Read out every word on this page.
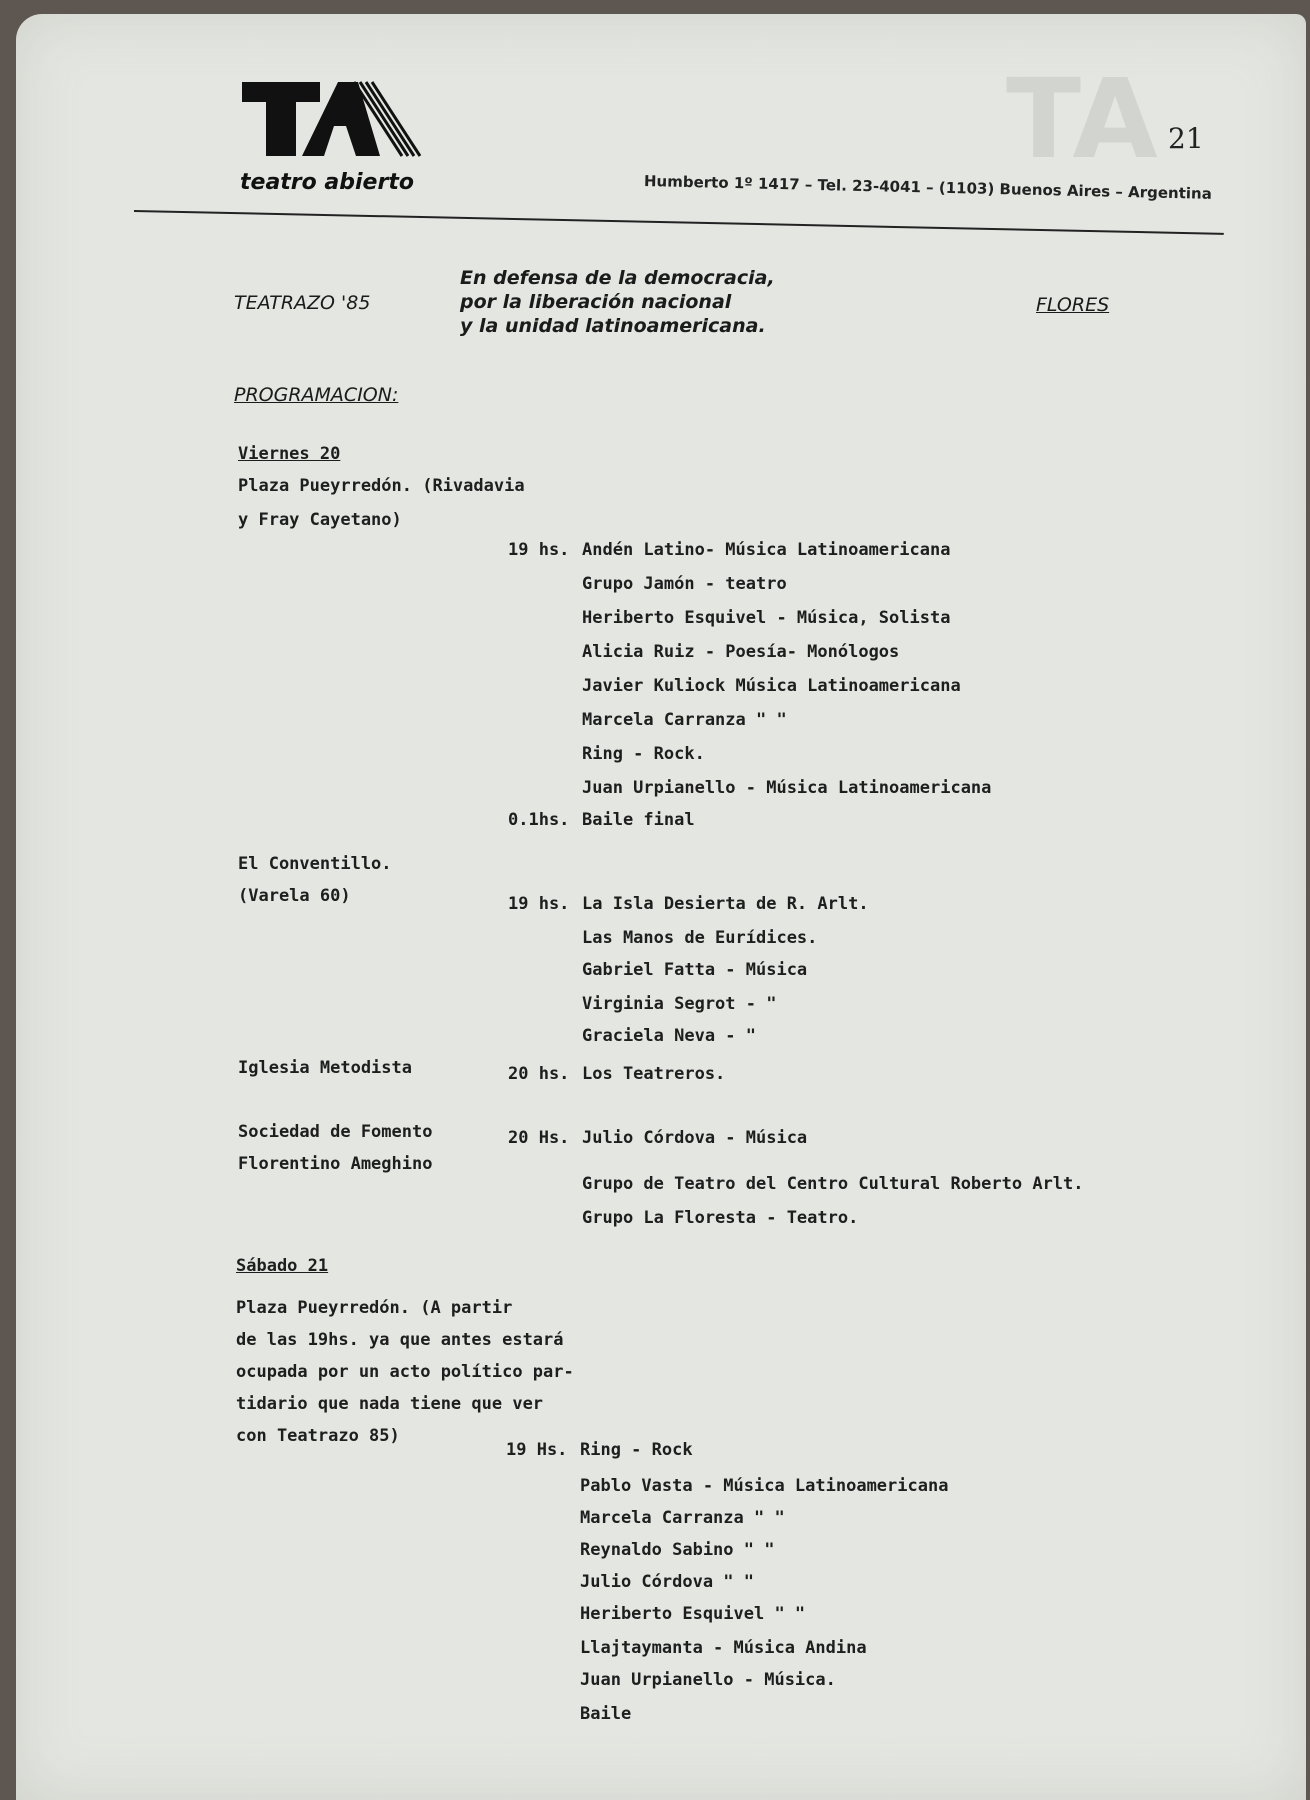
TA
teatro abierto
21
Humberto 1º 1417 – Tel. 23-4041 – (1103) Buenos Aires – Argentina
TEATRAZO '85
En defensa de la democracia,
por la liberación nacional
y la unidad latinoamericana.
FLORES
PROGRAMACION:
Viernes 20
Plaza Pueyrredón. (Rivadavia
y Fray Cayetano)
19 hs. Andén Latino- Música Latinoamericana
Grupo Jamón - teatro
Heriberto Esquivel - Música, Solista
Alicia Ruiz - Poesía- Monólogos
Javier Kuliock Música Latinoamericana
Marcela Carranza " "
Ring - Rock.
Juan Urpianello - Música Latinoamericana
0.1hs. Baile final
El Conventillo.
(Varela 60)	19 hs. La Isla Desierta de R. Arlt.
Las Manos de Eurídices.
Gabriel Fatta - Música
Virginia Segrot - "
Graciela Neva - "
Iglesia Metodista	20 hs. Los Teatreros.
Sociedad de Fomento
Florentino Ameghino
20 Hs. Julio Córdova - Música
Grupo de Teatro del Centro Cultural Roberto Arlt.
Grupo La Floresta - Teatro.
Sábado 21
Plaza Pueyrredón. (A partir
de las 19hs. ya que antes estará
ocupada por un acto político par-
tidario que nada tiene que ver
con Teatrazo 85)
19 Hs. Ring - Rock
Pablo Vasta - Música Latinoamericana
Marcela Carranza " "
Reynaldo Sabino " "
Julio Córdova " "
Heriberto Esquivel " "
Llajtaymanta - Música Andina
Juan Urpianello - Música.
Baile
